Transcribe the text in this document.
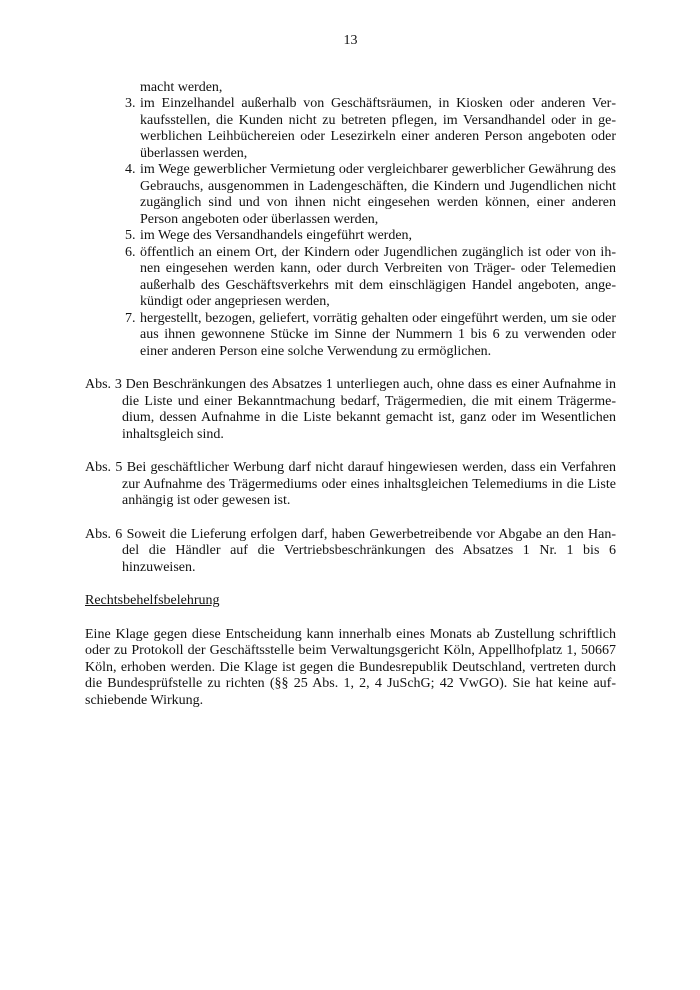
13
macht werden,
3. im Einzelhandel außerhalb von Geschäftsräumen, in Kiosken oder anderen Verkaufsstellen, die Kunden nicht zu betreten pflegen, im Versandhandel oder in gewerblichen Leihbüchereien oder Lesezirkeln einer anderen Person angeboten oder überlassen werden,
4. im Wege gewerblicher Vermietung oder vergleichbarer gewerblicher Gewährung des Gebrauchs, ausgenommen in Ladengeschäften, die Kindern und Jugendlichen nicht zugänglich sind und von ihnen nicht eingesehen werden können, einer anderen Person angeboten oder überlassen werden,
5. im Wege des Versandhandels eingeführt werden,
6. öffentlich an einem Ort, der Kindern oder Jugendlichen zugänglich ist oder von ihnen eingesehen werden kann, oder durch Verbreiten von Träger- oder Telemedien außerhalb des Geschäftsverkehrs mit dem einschlägigen Handel angeboten, angekündigt oder angepriesen werden,
7. hergestellt, bezogen, geliefert, vorrätig gehalten oder eingeführt werden, um sie oder aus ihnen gewonnene Stücke im Sinne der Nummern 1 bis 6 zu verwenden oder einer anderen Person eine solche Verwendung zu ermöglichen.
Abs. 3 Den Beschränkungen des Absatzes 1 unterliegen auch, ohne dass es einer Aufnahme in die Liste und einer Bekanntmachung bedarf, Trägermedien, die mit einem Trägermedium, dessen Aufnahme in die Liste bekannt gemacht ist, ganz oder im Wesentlichen inhaltsgleich sind.
Abs. 5 Bei geschäftlicher Werbung darf nicht darauf hingewiesen werden, dass ein Verfahren zur Aufnahme des Trägermediums oder eines inhaltsgleichen Telemediums in die Liste anhängig ist oder gewesen ist.
Abs. 6 Soweit die Lieferung erfolgen darf, haben Gewerbetreibende vor Abgabe an den Handel die Händler auf die Vertriebsbeschränkungen des Absatzes 1 Nr. 1 bis 6 hinzuweisen.
Rechtsbehelfsbelehrung
Eine Klage gegen diese Entscheidung kann innerhalb eines Monats ab Zustellung schriftlich oder zu Protokoll der Geschäftsstelle beim Verwaltungsgericht Köln, Appellhofplatz 1, 50667 Köln, erhoben werden. Die Klage ist gegen die Bundesrepublik Deutschland, vertreten durch die Bundesprüfstelle zu richten (§§ 25 Abs. 1, 2, 4 JuSchG; 42 VwGO). Sie hat keine aufschiebende Wirkung.
